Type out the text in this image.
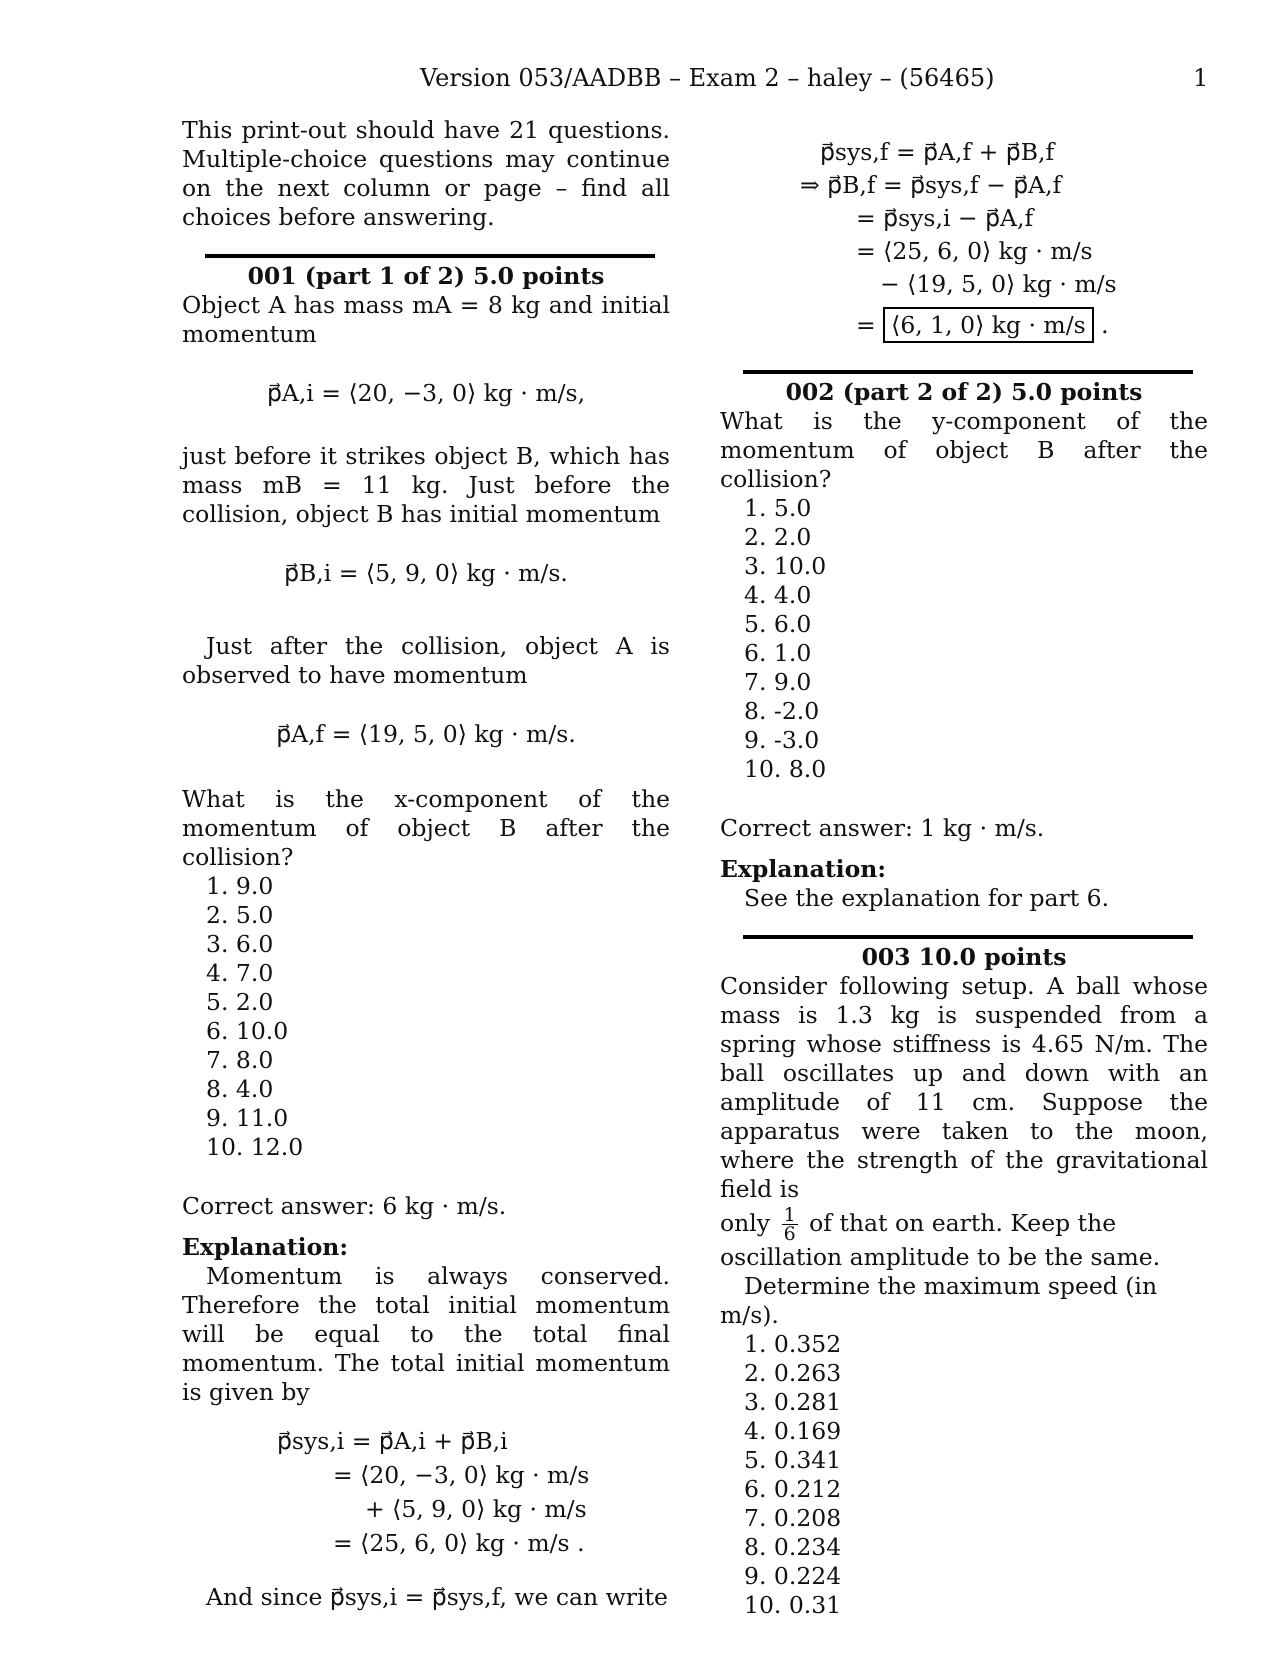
Version 053/AADBB – Exam 2 – haley – (56465)	1

This print-out should have 21 questions. Multiple-choice questions may continue on the next column or page – find all choices before answering.

001 (part 1 of 2) 5.0 points

Object A has mass mA = 8 kg and initial momentum

p⃗A,i = ⟨20, −3, 0⟩ kg · m/s,

just before it strikes object B, which has mass mB = 11 kg. Just before the collision, object B has initial momentum

p⃗B,i = ⟨5, 9, 0⟩ kg · m/s.

Just after the collision, object A is observed to have momentum

p⃗A,f = ⟨19, 5, 0⟩ kg · m/s.

What is the x-component of the momentum of object B after the collision?

1. 9.0
2. 5.0
3. 6.0
4. 7.0
5. 2.0
6. 10.0
7. 8.0
8. 4.0
9. 11.0
10. 12.0

Correct answer: 6 kg · m/s.

Explanation:

Momentum is always conserved. Therefore the total initial momentum will be equal to the total final momentum. The total initial momentum is given by

p⃗sys,i = p⃗A,i + p⃗B,i
= ⟨20, −3, 0⟩ kg · m/s
+ ⟨5, 9, 0⟩ kg · m/s
= ⟨25, 6, 0⟩ kg · m/s .

And since p⃗sys,i = p⃗sys,f, we can write

p⃗sys,f = p⃗A,f + p⃗B,f
⇒ p⃗B,f = p⃗sys,f − p⃗A,f
= p⃗sys,i − p⃗A,f
= ⟨25, 6, 0⟩ kg · m/s
− ⟨19, 5, 0⟩ kg · m/s
= ⟨6, 1, 0⟩ kg · m/s .
002 (part 2 of 2) 5.0 points

What is the y-component of the momentum of object B after the collision?

1. 5.0
2. 2.0
3. 10.0
4. 4.0
5. 6.0
6. 1.0
7. 9.0
8. -2.0
9. -3.0
10. 8.0

Correct answer: 1 kg · m/s.

Explanation:

See the explanation for part 6.

003 10.0 points

Consider following setup. A ball whose mass is 1.3 kg is suspended from a spring whose stiffness is 4.65 N/m. The ball oscillates up and down with an amplitude of 11 cm. Suppose the apparatus were taken to the moon, where the strength of the gravitational field is

only $\frac{1}{6}$ of that on earth. Keep the oscillation amplitude to be the same.

Determine the maximum speed (in m/s).

1. 0.352
2. 0.263
3. 0.281
4. 0.169
5. 0.341
6. 0.212
7. 0.208
8. 0.234
9. 0.224
10. 0.31
